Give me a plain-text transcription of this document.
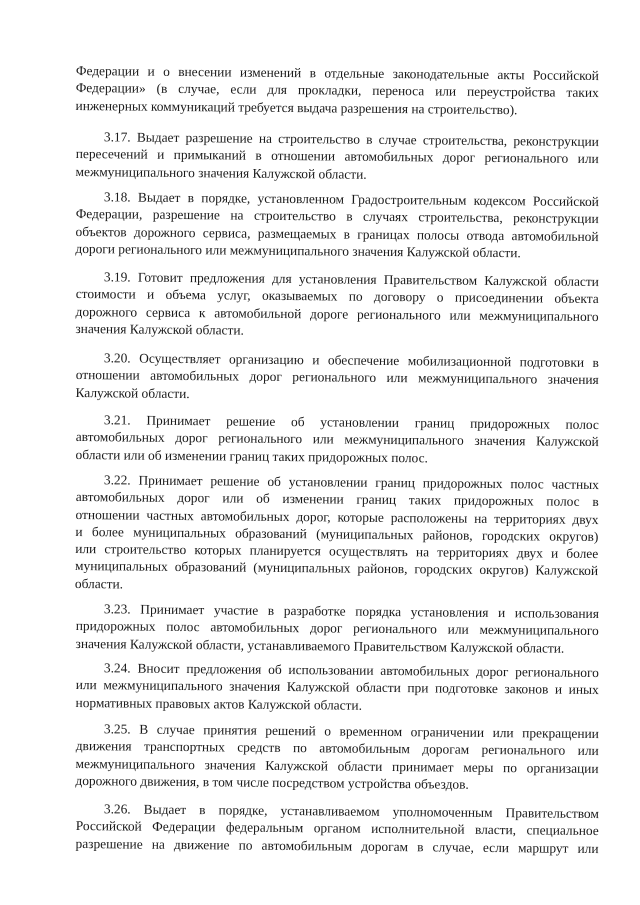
Федерации и о внесении изменений в отдельные законодательные акты Российской
Федерации» (в случае, если для прокладки, переноса или переустройства таких
инженерных коммуникаций требуется выдача разрешения на строительство).
3.17. Выдает разрешение на строительство в случае строительства, реконструкции
пересечений и примыканий в отношении автомобильных дорог регионального или
межмуниципального значения Калужской области.
3.18. Выдает в порядке, установленном Градостроительным кодексом Российской
Федерации, разрешение на строительство в случаях строительства, реконструкции
объектов дорожного сервиса, размещаемых в границах полосы отвода автомобильной
дороги регионального или межмуниципального значения Калужской области.
3.19. Готовит предложения для установления Правительством Калужской области
стоимости и объема услуг, оказываемых по договору о присоединении объекта
дорожного сервиса к автомобильной дороге регионального или межмуниципального
значения Калужской области.
3.20. Осуществляет организацию и обеспечение мобилизационной подготовки в
отношении автомобильных дорог регионального или межмуниципального значения
Калужской области.
3.21. Принимает решение об установлении границ придорожных полос
автомобильных дорог регионального или межмуниципального значения Калужской
области или об изменении границ таких придорожных полос.
3.22. Принимает решение об установлении границ придорожных полос частных
автомобильных дорог или об изменении границ таких придорожных полос в
отношении частных автомобильных дорог, которые расположены на территориях двух
и более муниципальных образований (муниципальных районов, городских округов)
или строительство которых планируется осуществлять на территориях двух и более
муниципальных образований (муниципальных районов, городских округов) Калужской
области.
3.23. Принимает участие в разработке порядка установления и использования
придорожных полос автомобильных дорог регионального или межмуниципального
значения Калужской области, устанавливаемого Правительством Калужской области.
3.24. Вносит предложения об использовании автомобильных дорог регионального
или межмуниципального значения Калужской области при подготовке законов и иных
нормативных правовых актов Калужской области.
3.25. В случае принятия решений о временном ограничении или прекращении
движения транспортных средств по автомобильным дорогам регионального или
межмуниципального значения Калужской области принимает меры по организации
дорожного движения, в том числе посредством устройства объездов.
3.26. Выдает в порядке, устанавливаемом уполномоченным Правительством
Российской Федерации федеральным органом исполнительной власти, специальное
разрешение на движение по автомобильным дорогам в случае, если маршрут или
